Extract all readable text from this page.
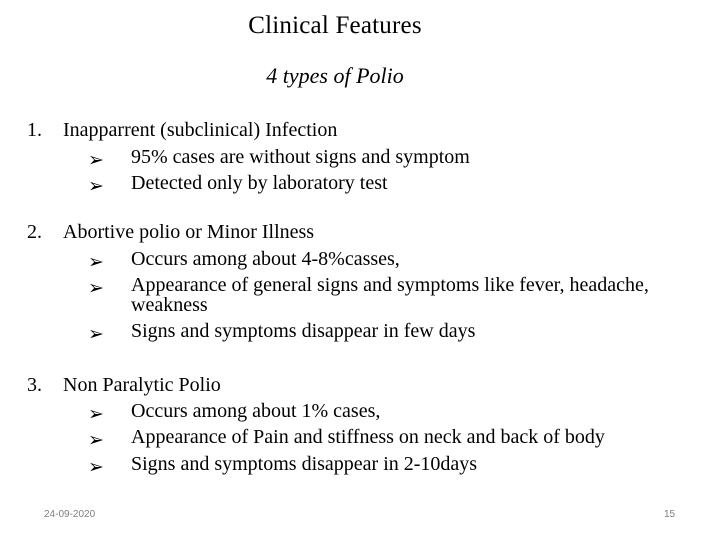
Clinical Features
4 types of Polio
1. Inapparrent (subclinical) Infection
➢ 95% cases are without signs and symptom
➢ Detected only by laboratory test
2. Abortive polio or Minor Illness
➢ Occurs among about 4-8%casses,
➢ Appearance of general signs and symptoms like fever, headache, weakness
➢ Signs and symptoms disappear in few days
3. Non Paralytic Polio
➢ Occurs among about 1% cases,
➢ Appearance of Pain and stiffness on neck and back of body
➢ Signs and symptoms disappear in 2-10days
24-09-2020	15
